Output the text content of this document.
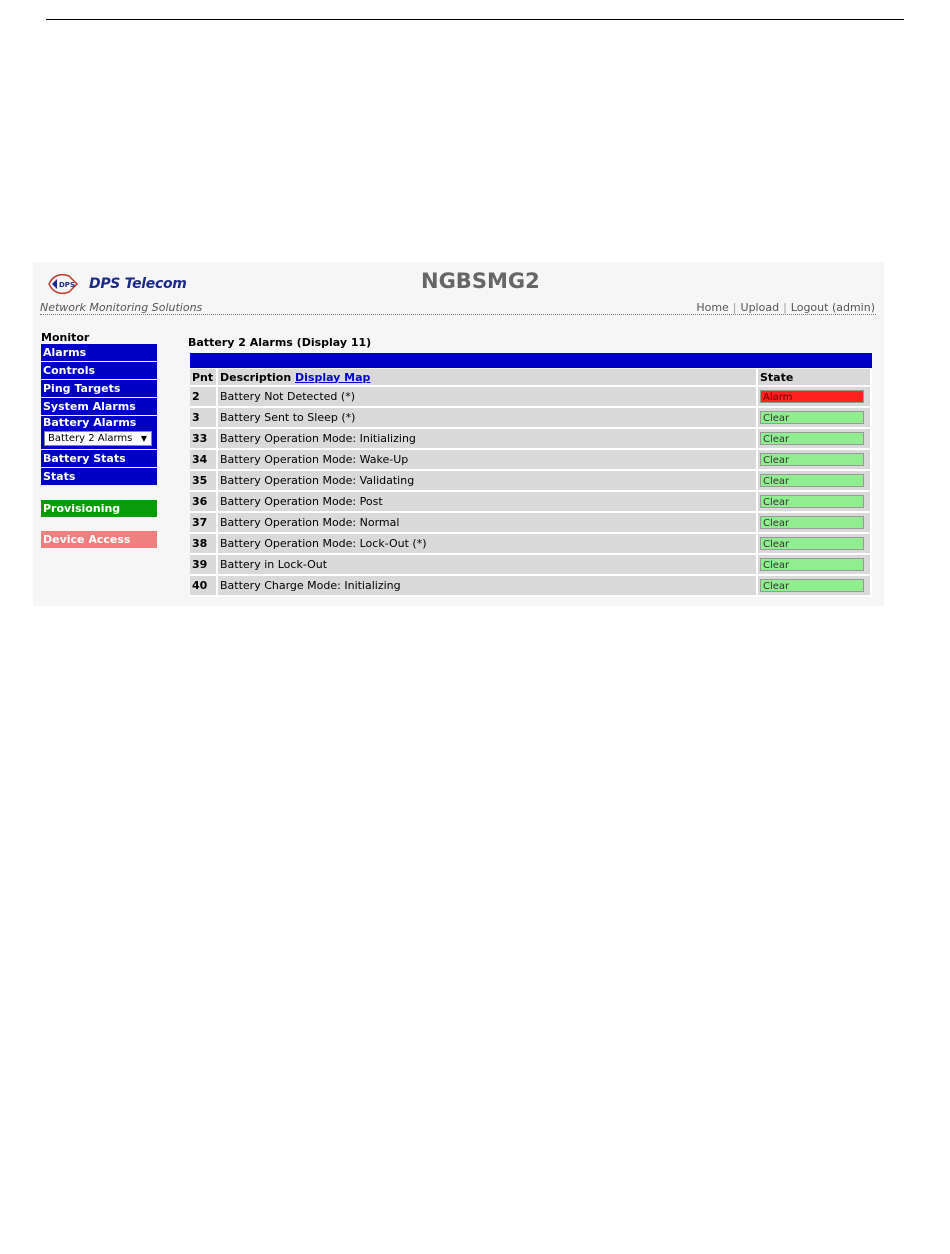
DPS DPS Telecom
Network Monitoring Solutions
NGBSMG2
Home | Upload | Logout (admin)
Monitor
Alarms
Controls
Ping Targets
System Alarms
Battery Alarms
Battery 2 Alarms ▼
Battery Stats
Stats
Provisioning
Device Access
Battery 2 Alarms (Display 11)
Pnt	Description Display Map	State
2	Battery Not Detected (*)	Alarm

3	Battery Sent to Sleep (*)	Clear

33	Battery Operation Mode: Initializing	Clear

34	Battery Operation Mode: Wake-Up	Clear

35	Battery Operation Mode: Validating	Clear

36	Battery Operation Mode: Post	Clear

37	Battery Operation Mode: Normal	Clear

38	Battery Operation Mode: Lock-Out (*)	Clear

39	Battery in Lock-Out	Clear

40	Battery Charge Mode: Initializing	Clear
